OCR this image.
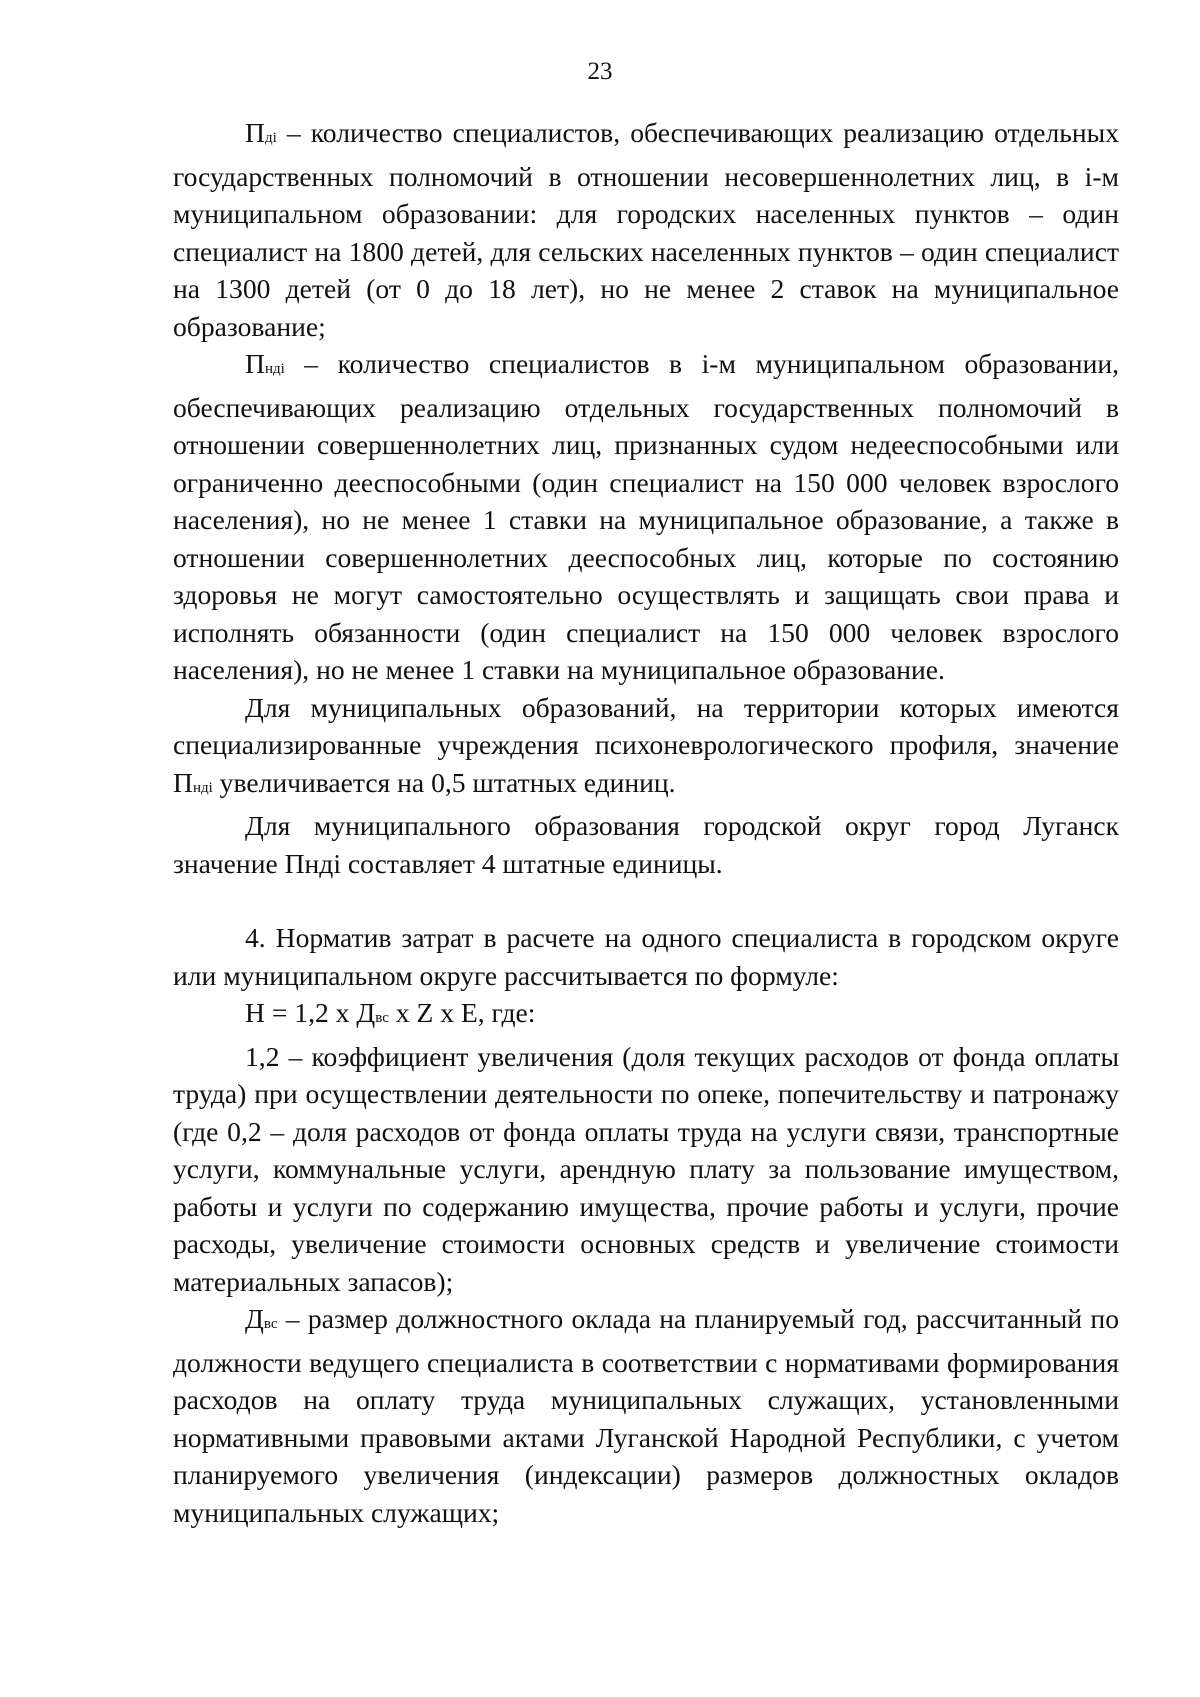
23

Пдi – количество специалистов, обеспечивающих реализацию отдельных государственных полномочий в отношении несовершеннолетних лиц, в i-м муниципальном образовании: для городских населенных пунктов – один специалист на 1800 детей, для сельских населенных пунктов – один специалист на 1300 детей (от 0 до 18 лет), но не менее 2 ставок на муниципальное образование;

Пндi – количество специалистов в i-м муниципальном образовании, обеспечивающих реализацию отдельных государственных полномочий в отношении совершеннолетних лиц, признанных судом недееспособными или ограниченно дееспособными (один специалист на 150 000 человек взрослого населения), но не менее 1 ставки на муниципальное образование, а также в отношении совершеннолетних дееспособных лиц, которые по состоянию здоровья не могут самостоятельно осуществлять и защищать свои права и исполнять обязанности (один специалист на 150 000 человек взрослого населения), но не менее 1 ставки на муниципальное образование.

Для муниципальных образований, на территории которых имеются специализированные учреждения психоневрологического профиля, значение Пндi увеличивается на 0,5 штатных единиц.

Для муниципального образования городской округ город Луганск значение Пндi составляет 4 штатные единицы.

4. Норматив затрат в расчете на одного специалиста в городском округе или муниципальном округе рассчитывается по формуле:

Н = 1,2 х Двс х Z х Е, где:

1,2 – коэффициент увеличения (доля текущих расходов от фонда оплаты труда) при осуществлении деятельности по опеке, попечительству и патронажу (где 0,2 – доля расходов от фонда оплаты труда на услуги связи, транспортные услуги, коммунальные услуги, арендную плату за пользование имуществом, работы и услуги по содержанию имущества, прочие работы и услуги, прочие расходы, увеличение стоимости основных средств и увеличение стоимости материальных запасов);

Двс – размер должностного оклада на планируемый год, рассчитанный по должности ведущего специалиста в соответствии с нормативами формирования расходов на оплату труда муниципальных служащих, установленными нормативными правовыми актами Луганской Народной Республики, с учетом планируемого увеличения (индексации) размеров должностных окладов муниципальных служащих;
